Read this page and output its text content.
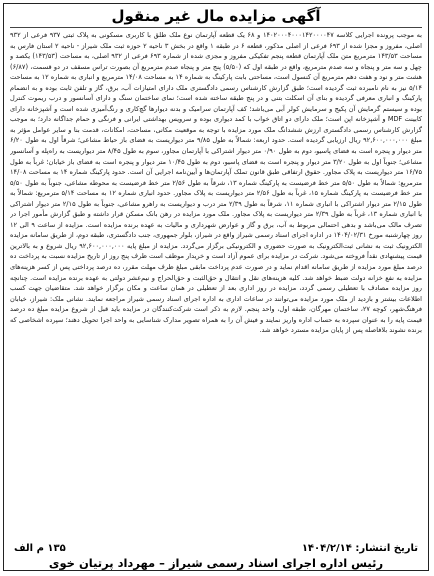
آگهی مزایده مال غیر منقول
به موجب پرونده اجرایی کلاسه ۱۴۰۲۰۰۰۴۰۰۰۱۴۲۰۰۰۰۴۷ و ۶۸ یک قطعه آپارتمان نوع ملک طلق با کاربری مسکونی به پلاک ثبتی ۹۳۷ فرعی از ۹۳۲ اصلی، مفروز و مجزا شده از ۶۹۳ فرعی از اصلی مذکور، قطعه ۶ در طبقه ۱ واقع در بخش ۳ ناحیه ۲ حوزه ثبت ملک شیراز - ناحیه ۲ استان فارس به مساحت ۱۴۳/۵۳ مترمربع متن ملک آپارتمان قطعه پنجم تفکیکی مفروز و مجزی شده از شماره ۶۹۳ فرعی از ۹۳۲ اصلی، به مساحت (۱۴۳/۵۳) یکصد و چهل و سه متر و پنجاه و سه صدم مترمربع، واقع در طبقه اول که (۵/۵۰) پنج متر و پنجاه صدم مترمربع آن بصورت تراس مسقف در دو قسمت، (۶/۸۷) هشت متر و نود و هفت دهم مترمربع آن کنسول است، مساحتی بابت پارکینگ به شماره ۱۴ به مساحت ۱۴/۰۸ مترمربع و انباری به شماره ۱۲ به مساحت ۵/۱۴ نیز به نام نامبرده ثبت گردیده است؛ طبق گزارش کارشناس رسمی دادگستری ملک دارای امتیازات آب، برق، گاز و تلفن ثابت بوده و به انضمام پارکینگ و انباری معرفی گردیده و بنای آن اسکلت بتنی و در پنج طبقه ساخته شده است؛ نمای ساختمان سنگ و دارای آسانسور و درب ریموت کنترل بوده و سیستم گرمایش آن پکیج و سرمایش کولر آبی می‌باشد؛ کف آپارتمان سرامیک و بدنه دیوارها گچ‌کاری و رنگ‌آمیزی شده است و آشپزخانه دارای کابینت MDF و آشپزخانه اپن است؛ ملک دارای دو اتاق خواب با کمد دیواری بوده و سرویس بهداشتی ایرانی و فرنگی و حمام جداگانه دارد؛ به موجب گزارش کارشناس رسمی دادگستری ارزش ششدانگ ملک مورد مزایده با توجه به موقعیت مکانی، مساحت، امکانات، قدمت بنا و سایر عوامل مؤثر به مبلغ ۹۲,۶۰۰,۰۰۰,۰۰۰ ریال ارزیابی گردیده است. حدود اربعه: شمالاً به طول ۹/۸۵ متر دیواریست به فضای باز حیاط مشاعی؛ شرقاً اول به طول ۶/۲۰ متر دیوار و پنجره است به فضای پاسیو، دوم به طول ۰/۹۰ متر دیوار اشتراکی با آپارتمان مجاور، سوم به طول ۸/۴۵ متر دیواریست به راه‌پله و آسانسور مشاعی؛ جنوباً اول به طول ۳/۲۰ متر دیوار و پنجره است به فضای پاسیو، دوم به طول ۱۰/۴۵ متر دیوار و پنجره است به فضای باز خیابان؛ غرباً به طول ۱۶/۷۵ متر دیواریست به پلاک مجاور. حقوق ارتفاقی طبق قانون تملک آپارتمان‌ها و آیین‌نامه اجرایی آن است. حدود پارکینگ شماره ۱۴ به مساحت ۱۴/۰۸ مترمربع: شمالاً به طول ۵/۵۰ متر خط فرضیست به پارکینگ شماره ۱۳، شرقاً به طول ۲/۵۶ متر خط فرضیست به محوطه مشاعی، جنوباً به طول ۵/۵۰ متر خط فرضیست به پارکینگ شماره ۱۵، غرباً به طول ۲/۵۶ متر دیواریست به پلاک مجاور. حدود انباری شماره ۱۲ به مساحت ۵/۱۴ مترمربع: شمالاً به طول ۲/۱۵ متر دیوار اشتراکی با انباری شماره ۱۱، شرقاً به طول ۲/۳۹ متر درب و دیواریست به راهرو مشاعی، جنوباً به طول ۲/۱۵ متر دیوار اشتراکی با انباری شماره ۱۳، غرباً به طول ۲/۳۹ متر دیواریست به پلاک مجاور. ملک مورد مزایده در رهن بانک مسکن قرار داشته و طبق گزارش مأمور اجرا در تصرف مالک می‌باشد و بدهی احتمالی مربوط به آب، برق و گاز و عوارض شهرداری و مالیات به عهده برنده مزایده است. مزایده از ساعت ۹ الی ۱۲ روز چهارشنبه مورخ ۱۴۰۴/۰۲/۳۱ در اداره اجرای اسناد رسمی شیراز واقع در شیراز، بلوار جمهوری، جنب دادگستری، طبقه دوم، از طریق سامانه مزایده الکترونیک ثبت به نشانی ثبت‌الکترونیک به صورت حضوری و الکترونیکی برگزار می‌گردد. مزایده از مبلغ پایه ۹۲,۶۰۰,۰۰۰,۰۰۰ ریال شروع و به بالاترین قیمت پیشنهادی نقداً فروخته می‌شود. شرکت در مزایده برای عموم آزاد است و خریدار موظف است ظرف پنج روز از تاریخ مزایده نسبت به پرداخت ده درصد مبلغ مورد مزایده از طریق سامانه اقدام نماید و در صورت عدم پرداخت مابقی مبلغ ظرف مهلت مقرر، ده درصد پرداختی پس از کسر هزینه‌های مزایده به نفع خزانه دولت ضبط خواهد شد. کلیه هزینه‌های نقل و انتقال و حق‌الثبت و حق‌الحراج و نیم‌عشر دولتی به عهده برنده مزایده است. چنانچه روز مزایده مصادف با تعطیلی رسمی گردد، مزایده در روز اداری بعد از تعطیلی در همان ساعت و مکان برگزار خواهد شد. متقاضیان جهت کسب اطلاعات بیشتر و بازدید از ملک مورد مزایده می‌توانند در ساعات اداری به اداره اجرای اسناد رسمی شیراز مراجعه نمایند. نشانی ملک: شیراز، خیابان فرهنگ‌شهر، کوچه ۲۷، ساختمان مهرگان، طبقه اول، واحد پنجم. لازم به ذکر است شرکت‌کنندگان در مزایده باید قبل از شروع مزایده مبلغ ده درصد قیمت پایه را به عنوان سپرده به حساب اداره واریز نمایند و فیش آن را به همراه تصویر مدارک شناسایی به واحد اجرا تحویل دهند؛ سپرده اشخاصی که برنده نشوند بلافاصله پس از پایان مزایده مسترد خواهد شد.
۱۳۵ م الف	تاریخ انتشار: ۱۴۰۴/۲/۱۴
رئیس اداره اجرای اسناد رسمی شیراز – مهرداد پرتیان خوی
